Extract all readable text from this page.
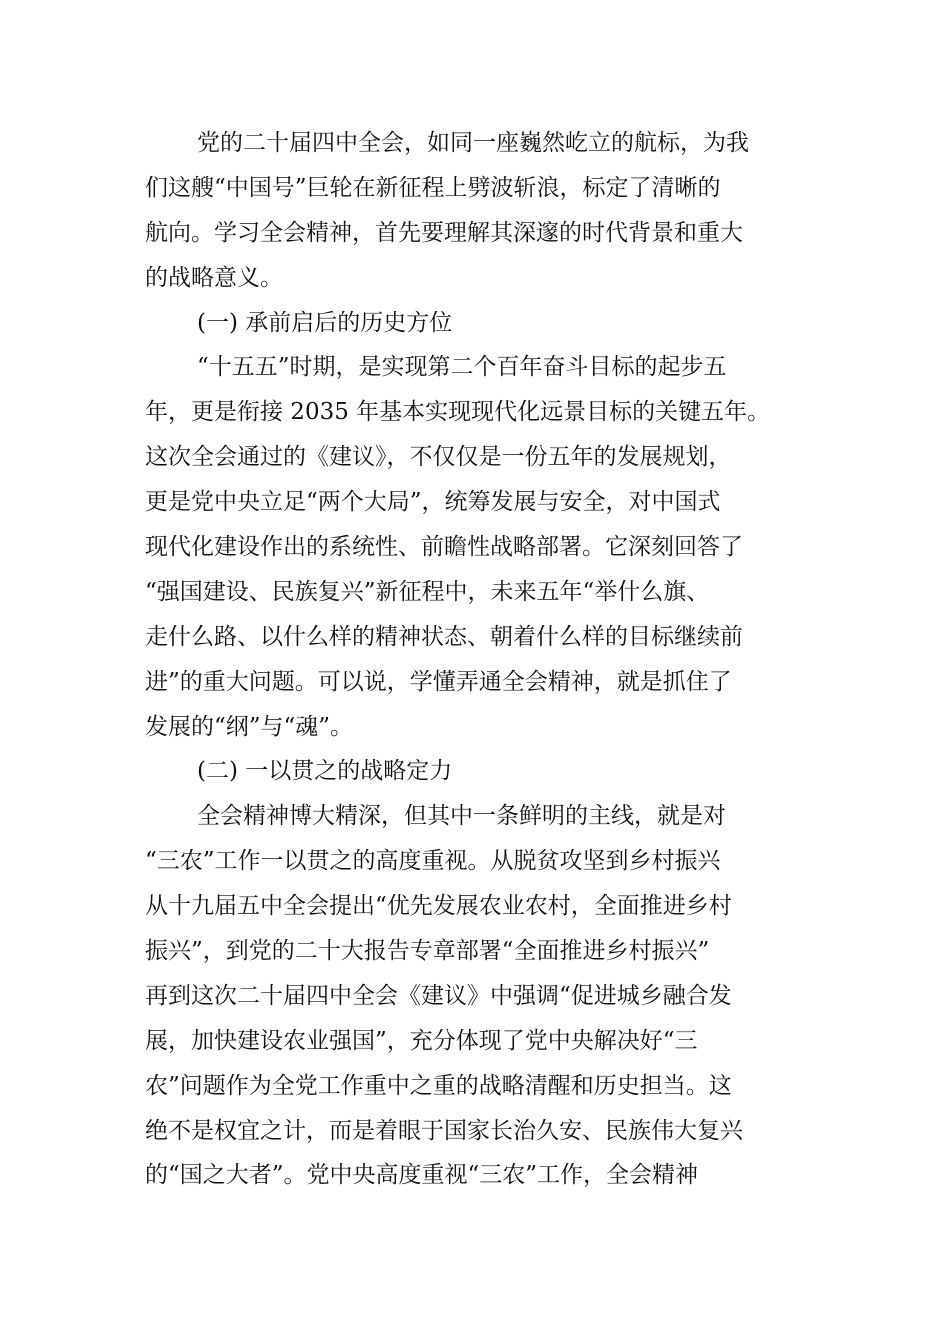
党的二十届四中全会，如同一座巍然屹立的航标，为我
们这艘“中国号”巨轮在新征程上劈波斩浪，标定了清晰的
航向。学习全会精神，首先要理解其深邃的时代背景和重大
的战略意义。
(一) 承前启后的历史方位
“十五五”时期，是实现第二个百年奋斗目标的起步五
年，更是衔接 2035 年基本实现现代化远景目标的关键五年。
这次全会通过的《建议》，不仅仅是一份五年的发展规划，
更是党中央立足“两个大局”，统筹发展与安全，对中国式
现代化建设作出的系统性、前瞻性战略部署。它深刻回答了
“强国建设、民族复兴”新征程中，未来五年“举什么旗、
走什么路、以什么样的精神状态、朝着什么样的目标继续前
进”的重大问题。可以说，学懂弄通全会精神，就是抓住了
发展的“纲”与“魂”。
(二) 一以贯之的战略定力
全会精神博大精深，但其中一条鲜明的主线，就是对
“三农”工作一以贯之的高度重视。从脱贫攻坚到乡村振兴
从十九届五中全会提出“优先发展农业农村，全面推进乡村
振兴”，到党的二十大报告专章部署“全面推进乡村振兴”
再到这次二十届四中全会《建议》中强调“促进城乡融合发
展，加快建设农业强国”，充分体现了党中央解决好“三
农”问题作为全党工作重中之重的战略清醒和历史担当。这
绝不是权宜之计，而是着眼于国家长治久安、民族伟大复兴
的“国之大者”。党中央高度重视“三农”工作，全会精神
